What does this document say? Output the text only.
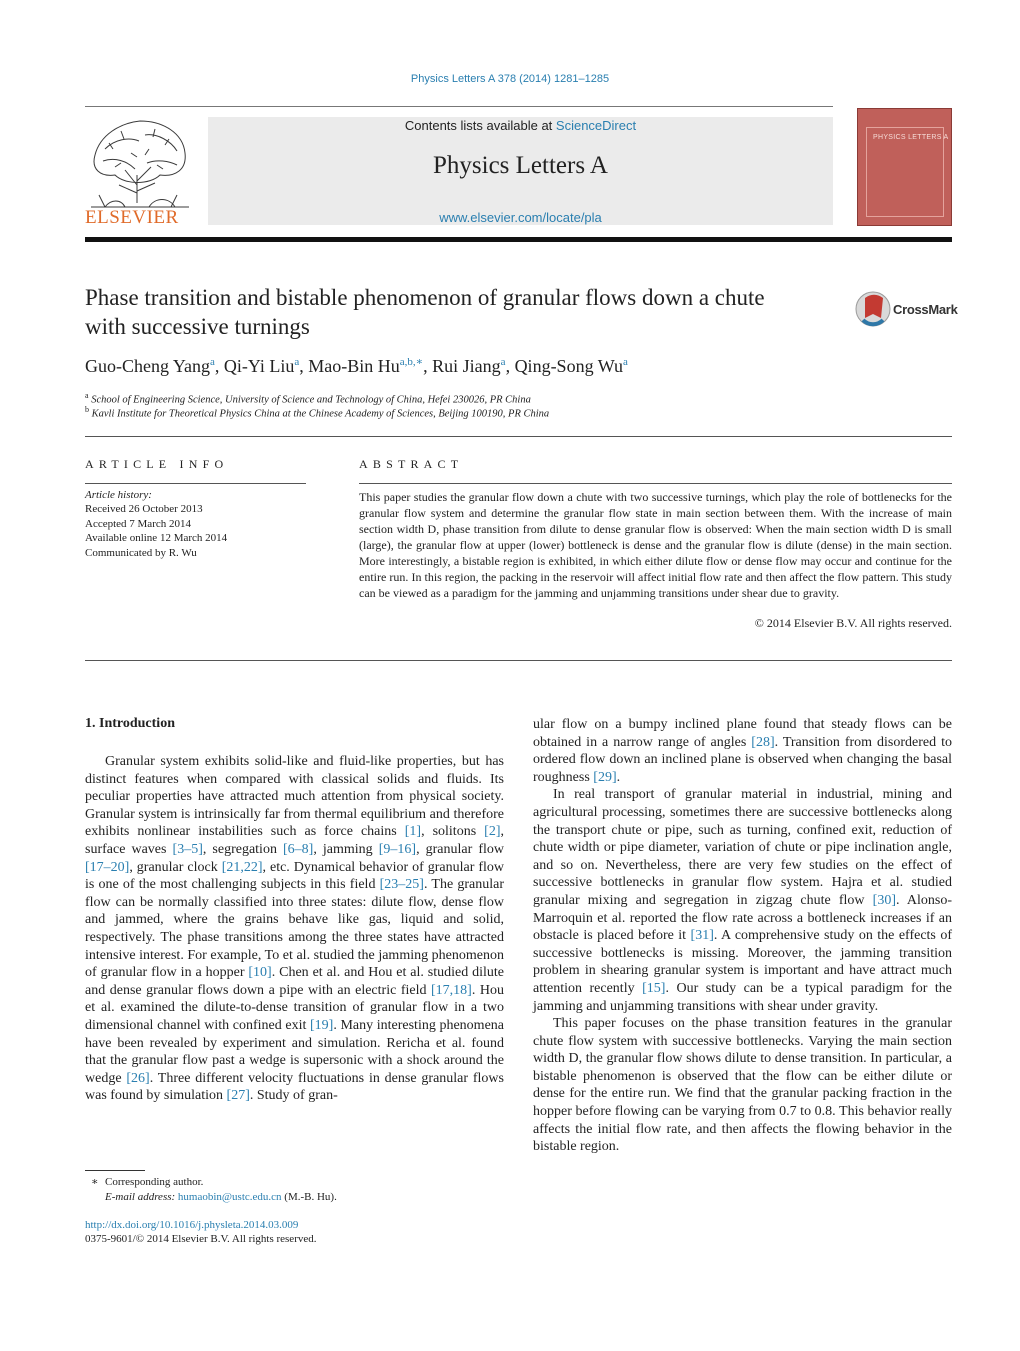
Physics Letters A 378 (2014) 1281–1285
ELSEVIER
Contents lists available at ScienceDirect
Physics Letters A
www.elsevier.com/locate/pla
PHYSICS LETTERS A
Phase transition and bistable phenomenon of granular flows down a chute with successive turnings
CrossMark
Guo-Cheng Yang$^a$, Qi-Yi Liu$^a$, Mao-Bin $Hu^{a,b,∗}$, Rui Jiang$^a$, Qing-Song Wu$^a$
$^a$ School of Engineering Science, University of Science and Technology of China, Hefei 230026, PR China
$^b$ Kavli Institute for Theoretical Physics China at the Chinese Academy of Sciences, Beijing 100190, PR China
ARTICLE INFO	ABSTRACT
Article history:
Received 26 October 2013
Accepted 7 March 2014
Available online 12 March 2014
Communicated by R. Wu
This paper studies the granular flow down a chute with two successive turnings, which play the role of bottlenecks for the granular flow system and determine the granular flow state in main section between them. With the increase of main section width D, phase transition from dilute to dense granular flow is observed: When the main section width D is small (large), the granular flow at upper (lower) bottleneck is dense and the granular flow is dilute (dense) in the main section. More interestingly, a bistable region is exhibited, in which either dilute flow or dense flow may occur and continue for the entire run. In this region, the packing in the reservoir will affect initial flow rate and then affect the flow pattern. This study can be viewed as a paradigm for the jamming and unjamming transitions under shear due to gravity.
© 2014 Elsevier B.V. All rights reserved.
1. Introduction

Granular system exhibits solid-like and fluid-like properties, but has distinct features when compared with classical solids and fluids. Its peculiar properties have attracted much attention from physical society. Granular system is intrinsically far from thermal equilibrium and therefore exhibits nonlinear instabilities such as force chains [1], solitons [2], surface waves [3–5], segregation [6–8], jamming [9–16], granular flow [17–20], granular clock [21,22], etc. Dynamical behavior of granular flow is one of the most challenging subjects in this field [23–25]. The granular flow can be normally classified into three states: dilute flow, dense flow and jammed, where the grains behave like gas, liquid and solid, respectively. The phase transitions among the three states have attracted intensive interest. For example, To et al. studied the jamming phenomenon of granular flow in a hopper [10]. Chen et al. and Hou et al. studied dilute and dense granular flows down a pipe with an electric field [17,18]. Hou et al. examined the dilute-to-dense transition of granular flow in a two dimensional channel with confined exit [19]. Many interesting phenomena have been revealed by experiment and simulation. Rericha et al. found that the granular flow past a wedge is supersonic with a shock around the wedge [26]. Three different velocity fluctuations in dense granular flows was found by simulation [27]. Study of gran-

ular flow on a bumpy inclined plane found that steady flows can be obtained in a narrow range of angles [28]. Transition from disordered to ordered flow down an inclined plane is observed when changing the basal roughness [29].

In real transport of granular material in industrial, mining and agricultural processing, sometimes there are successive bottlenecks along the transport chute or pipe, such as turning, confined exit, reduction of chute width or pipe diameter, variation of chute or pipe inclination angle, and so on. Nevertheless, there are very few studies on the effect of successive bottlenecks in granular flow system. Hajra et al. studied granular mixing and segregation in zigzag chute flow [30]. Alonso-Marroquin et al. reported the flow rate across a bottleneck increases if an obstacle is placed before it [31]. A comprehensive study on the effects of successive bottlenecks is missing. Moreover, the jamming transition problem in shearing granular system is important and have attract much attention recently [15]. Our study can be a typical paradigm for the jamming and unjamming transitions with shear under gravity.

This paper focuses on the phase transition features in the granular chute flow system with successive bottlenecks. Varying the main section width D, the granular flow shows dilute to dense transition. In particular, a bistable phenomenon is observed that the flow can be either dilute or dense for the entire run. We find that the granular packing fraction in the hopper before flowing can be varying from 0.7 to 0.8. This behavior really affects the initial flow rate, and then affects the flowing behavior in the bistable region.

∗ Corresponding author.
E-mail address: humaobin@ustc.edu.cn (M.-B. Hu).
http://dx.doi.org/10.1016/j.physleta.2014.03.009
0375-9601/© 2014 Elsevier B.V. All rights reserved.
